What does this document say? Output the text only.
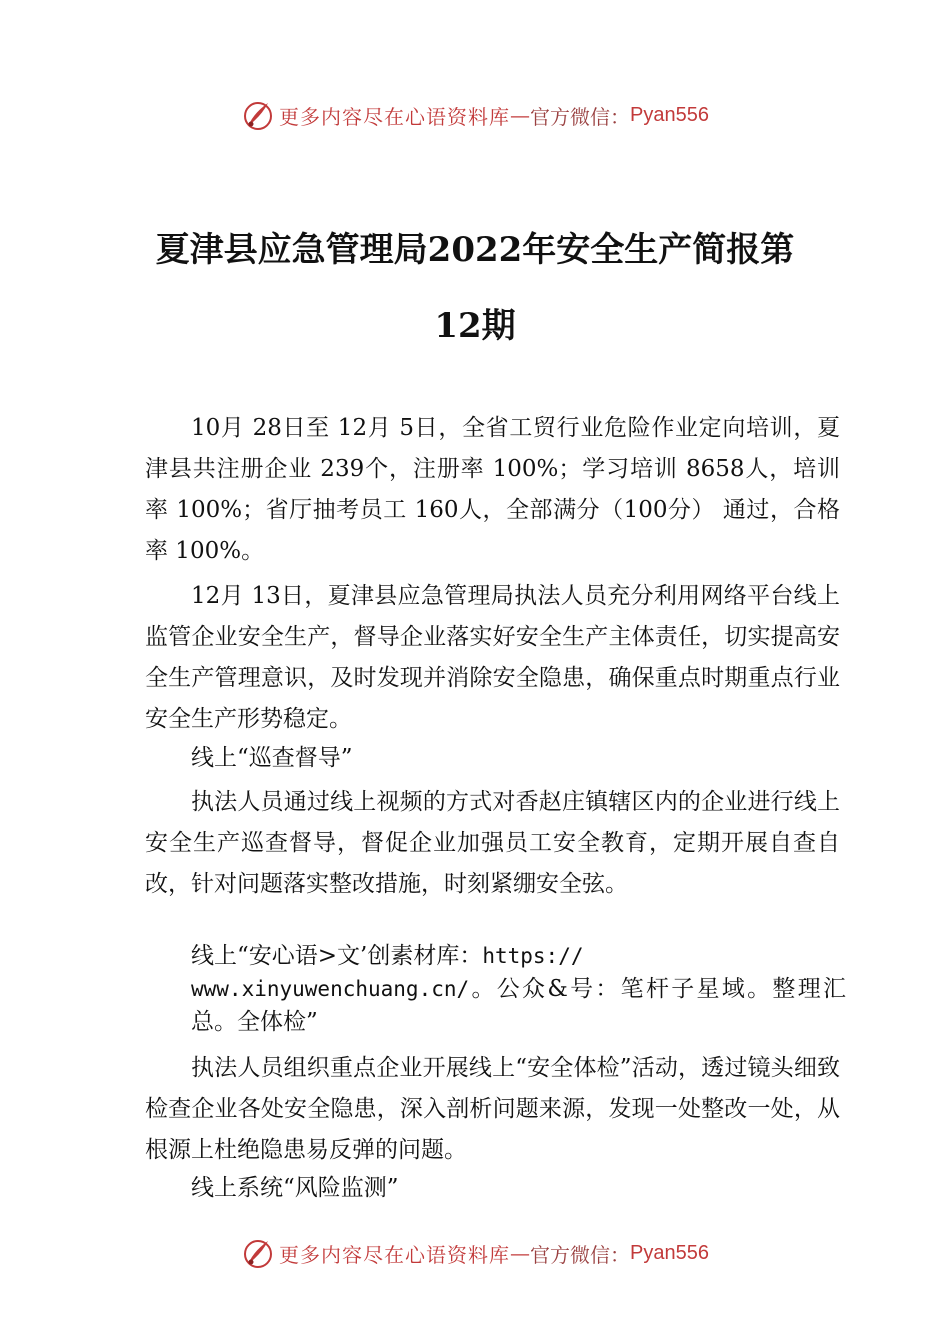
更多内容尽在心语资料库 — 官方微信： Pyan556
夏津县应急管理局2022年安全生产简报第
12期
10月 28日至 12月 5日，全省工贸行业危险作业定向培训，夏津县共注册企业 239个，注册率 100%；学习培训 8658人，培训率 100%；省厅抽考员工 160人，全部满分（100分） 通过，合格率 100%。
12月 13日，夏津县应急管理局执法人员充分利用网络平台线上监管企业安全生产，督导企业落实好安全生产主体责任，切实提高安全生产管理意识，及时发现并消除安全隐患，确保重点时期重点行业安全生产形势稳定。
线上“巡查督导”
执法人员通过线上视频的方式对香赵庄镇辖区内的企业进行线上安全生产巡查督导，督促企业加强员工安全教育，定期开展自查自改，针对问题落实整改措施，时刻紧绷安全弦。
线上“安心语>文’创素材库：https://
www.xinyuwenchuang.cn/。公众&号：笔杆子星域。整理汇总。全体检”
执法人员组织重点企业开展线上“安全体检”活动，透过镜头细致检查企业各处安全隐患，深入剖析问题来源，发现一处整改一处，从根源上杜绝隐患易反弹的问题。
线上系统“风险监测”
更多内容尽在心语资料库 — 官方微信： Pyan556
